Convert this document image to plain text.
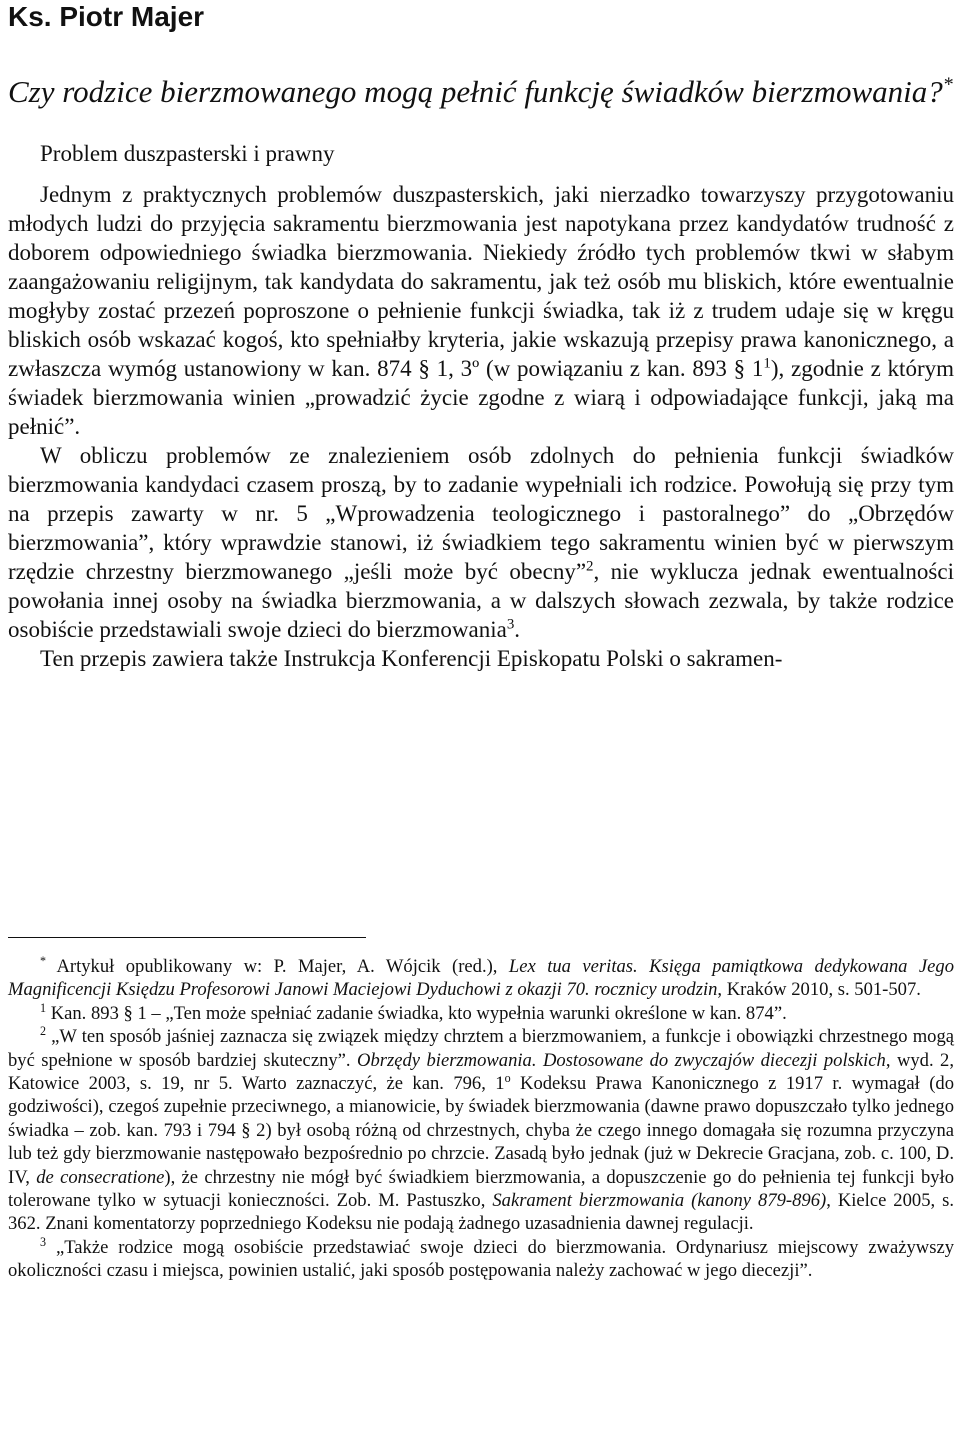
Ks. Piotr Majer
Czy rodzice bierzmowanego mogą pełnić funkcję świadków bierzmowania?*
Problem duszpasterski i prawny

Jednym z praktycznych problemów duszpasterskich, jaki nierzadko towarzyszy przygotowaniu młodych ludzi do przyjęcia sakramentu bierzmowania jest napotykana przez kandydatów trudność z doborem odpowiedniego świadka bierzmowania. Niekiedy źródło tych problemów tkwi w słabym zaangażowaniu religijnym, tak kandydata do sakramentu, jak też osób mu bliskich, które ewentualnie mogłyby zostać przezeń poproszone o pełnienie funkcji świadka, tak iż z trudem udaje się w kręgu bliskich osób wskazać kogoś, kto spełniałby kryteria, jakie wskazują przepisy prawa kanonicznego, a zwłaszcza wymóg ustanowiony w kan. 874 § 1, 3º (w powiązaniu z kan. 893 § $1^1$), zgodnie z którym świadek bierzmowania winien „prowadzić życie zgodne z wiarą i odpowiadające funkcji, jaką ma pełnić”.

W obliczu problemów ze znalezieniem osób zdolnych do pełnienia funkcji świadków bierzmowania kandydaci czasem proszą, by to zadanie wypełniali ich rodzice. Powołują się przy tym na przepis zawarty w nr. 5 „Wprowadzenia teologicznego i pastoralnego” do „Obrzędów bierzmowania”, który wprawdzie stanowi, iż świadkiem tego sakramentu winien być w pierwszym rzędzie chrzestny bierzmowanego „jeśli może być obecny”$^2$, nie wyklucza jednak ewentualności powołania innej osoby na świadka bierzmowania, a w dalszych słowach zezwala, by także rodzice osobiście przedstawiali swoje dzieci do bierzmowania$^3$.

Ten przepis zawiera także Instrukcja Konferencji Episkopatu Polski o sakramen-

* Artykuł opublikowany w: P. Majer, A. Wójcik (red.), Lex tua veritas. Księga pamiątkowa dedykowana Jego Magnificencji Księdzu Profesorowi Janowi Maciejowi Dyduchowi z okazji 70. rocznicy urodzin, Kraków 2010, s. 501-507.

$^1$ Kan. 893 § 1 – „Ten może spełniać zadanie świadka, kto wypełnia warunki określone w kan. 874”.

$^2$ „W ten sposób jaśniej zaznacza się związek między chrztem a bierzmowaniem, a funkcje i obowiązki chrzestnego mogą być spełnione w sposób bardziej skuteczny”. Obrzędy bierzmowania. Dostosowane do zwyczajów diecezji polskich, wyd. 2, Katowice 2003, s. 19, nr 5. Warto zaznaczyć, że kan. 796, 1$^o$ Kodeksu Prawa Kanonicznego z 1917 r. wymagał (do godziwości), czegoś zupełnie przeciwnego, a mianowicie, by świadek bierzmowania (dawne prawo dopuszczało tylko jednego świadka – zob. kan. 793 i 794 § 2) był osobą różną od chrzestnych, chyba że czego innego domagała się rozumna przyczyna lub też gdy bierzmowanie następowało bezpośrednio po chrzcie. Zasadą było jednak (już w Dekrecie Gracjana, zob. c. 100, D. IV, de consecratione), że chrzestny nie mógł być świadkiem bierzmowania, a dopuszczenie go do pełnienia tej funkcji było tolerowane tylko w sytuacji konieczności. Zob. M. Pastuszko, Sakrament bierzmowania (kanony 879-896), Kielce 2005, s. 362. Znani komentatorzy poprzedniego Kodeksu nie podają żadnego uzasadnienia dawnej regulacji.

$^3$ „Także rodzice mogą osobiście przedstawiać swoje dzieci do bierzmowania. Ordynariusz miejscowy zważywszy okoliczności czasu i miejsca, powinien ustalić, jaki sposób postępowania należy zachować w jego diecezji”.
